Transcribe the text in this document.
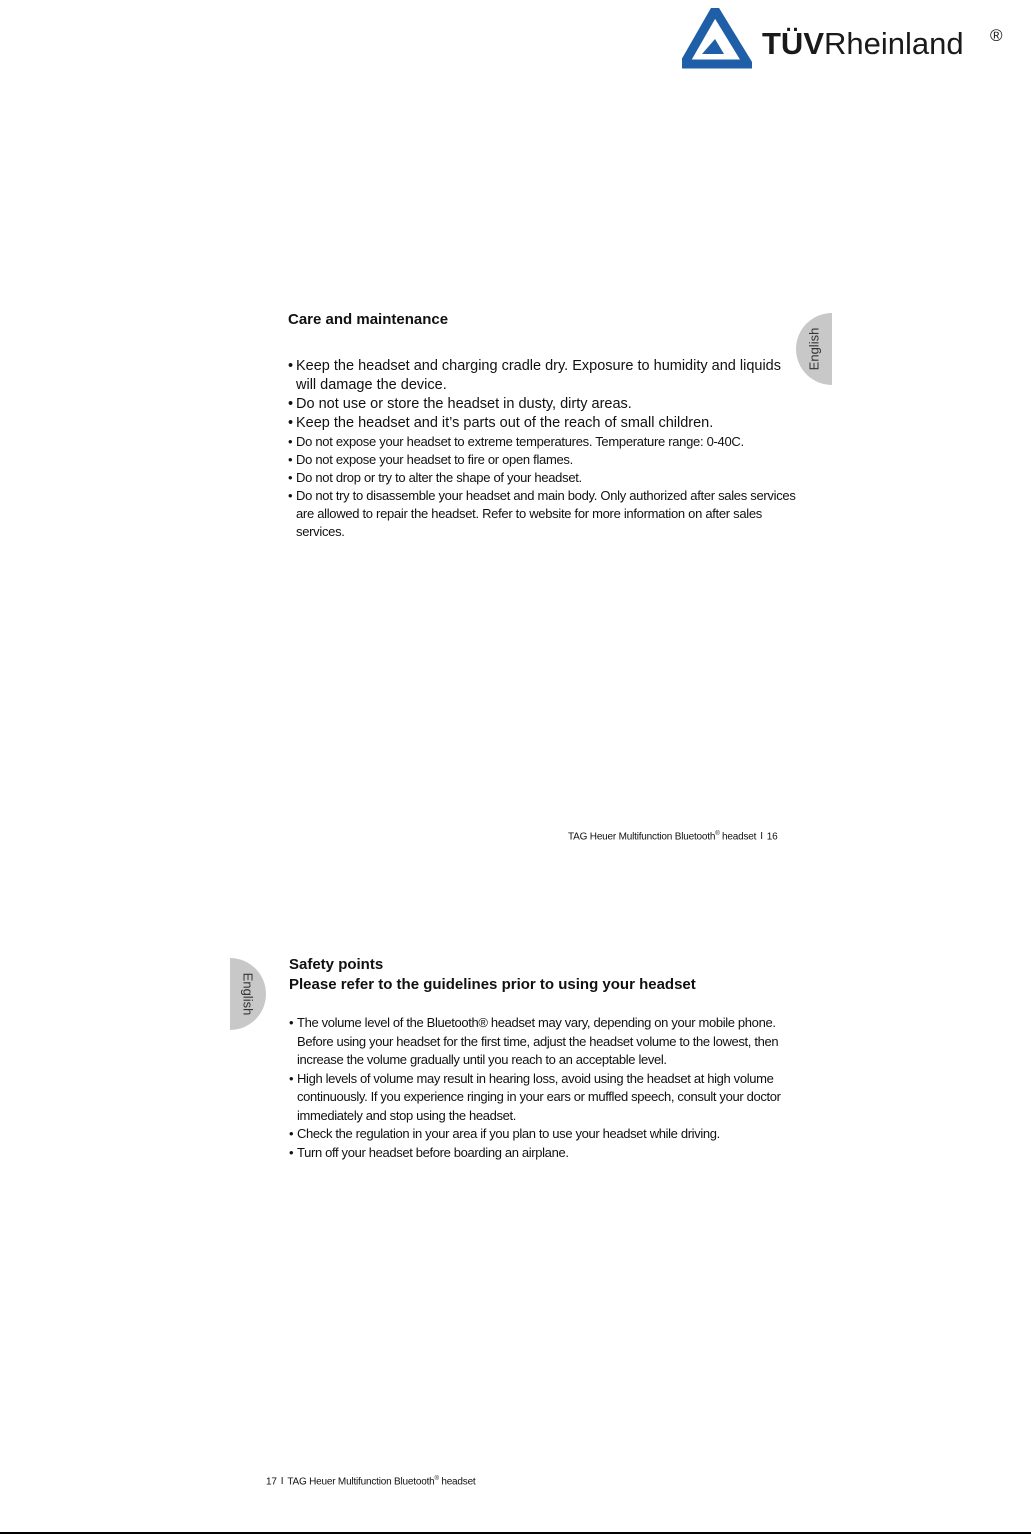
TÜVRheinland ®

Care and maintenance

• Keep the headset and charging cradle dry. Exposure to humidity and liquids will damage the device.
• Do not use or store the headset in dusty, dirty areas.
• Keep the headset and it’s parts out of the reach of small children.
• Do not expose your headset to extreme temperatures. Temperature range: 0-40C.
• Do not expose your headset to fire or open flames.
• Do not drop or try to alter the shape of your headset.
• Do not try to disassemble your headset and main body. Only authorized after sales services are allowed to repair the headset. Refer to website for more information on after sales services.
English
TAG Heuer Multifunction Bluetooth® headset I 16
English

Safety points

Please refer to the guidelines prior to using your headset

• The volume level of the Bluetooth® headset may vary, depending on your mobile phone. Before using your headset for the first time, adjust the headset volume to the lowest, then increase the volume gradually until you reach to an acceptable level.
• High levels of volume may result in hearing loss, avoid using the headset at high volume continuously. If you experience ringing in your ears or muffled speech, consult your doctor immediately and stop using the headset.
• Check the regulation in your area if you plan to use your headset while driving.
• Turn off your headset before boarding an airplane.
17 I TAG Heuer Multifunction Bluetooth® headset
